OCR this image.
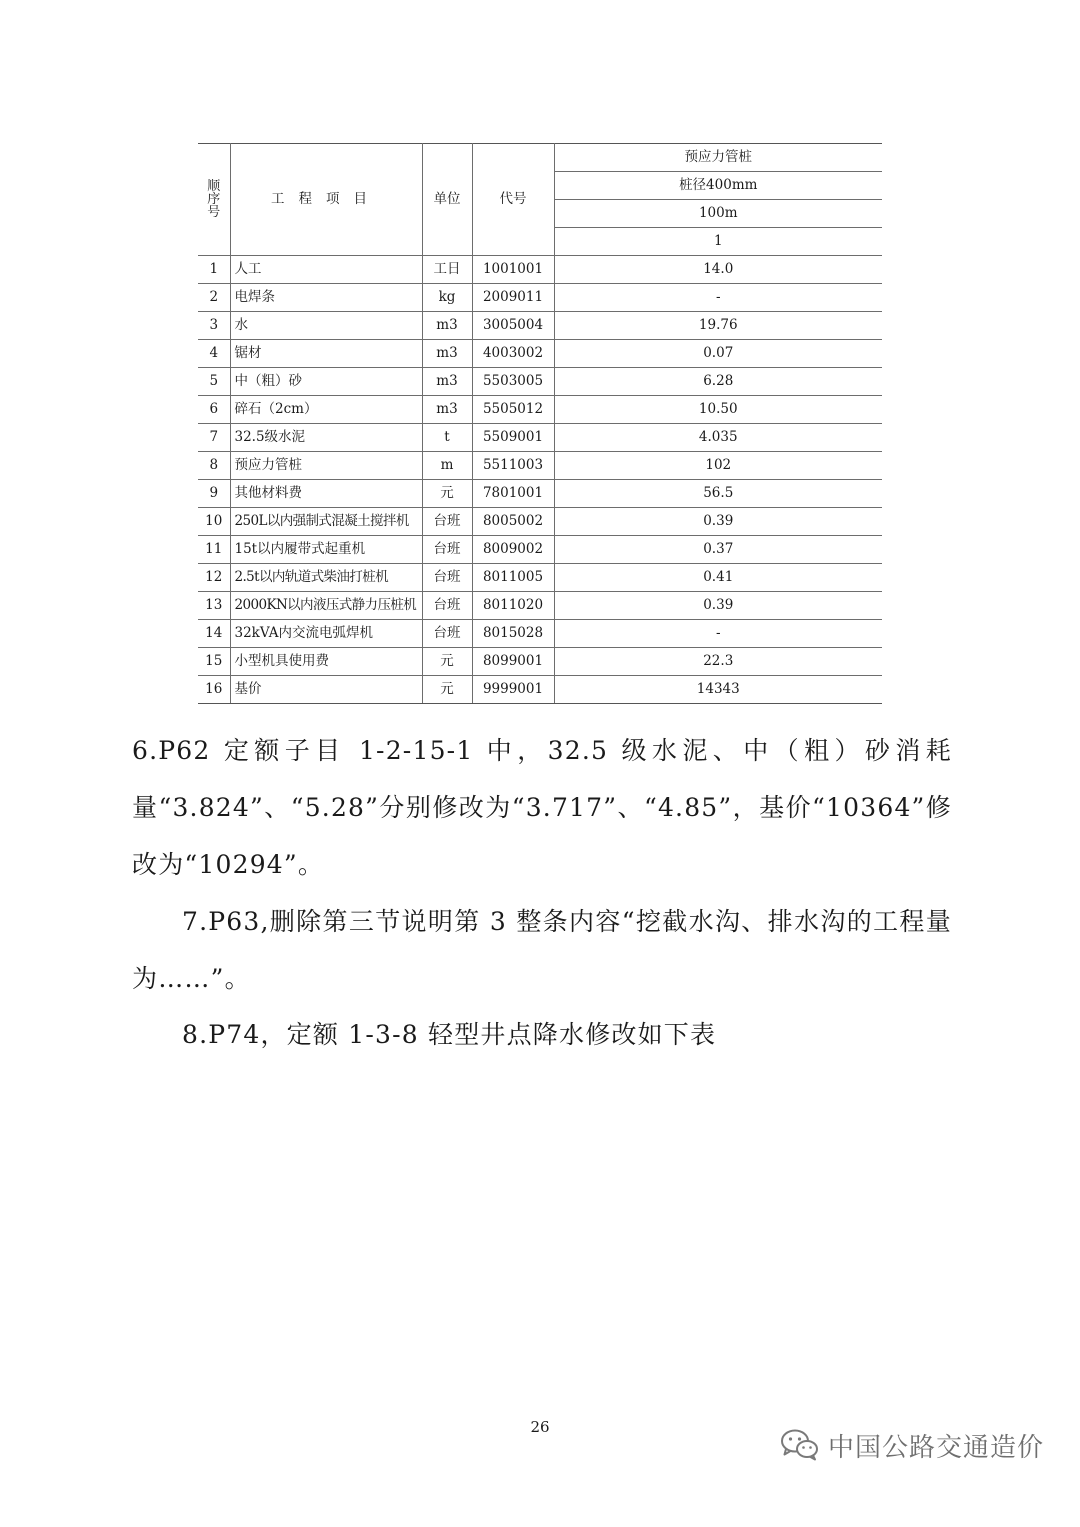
顺
序
号	工程项目	单位	代号	预应力管桩
				桩径400mm
				100m
				1
1	人工	工日	1001001	14.0
2	电焊条	kg	2009011	-
3	水	m3	3005004	19.76
4	锯材	m3	4003002	0.07
5	中（粗）砂	m3	5503005	6.28
6	碎石（2cm）	m3	5505012	10.50
7	32.5级水泥	t	5509001	4.035
8	预应力管桩	m	5511003	102
9	其他材料费	元	7801001	56.5
10	250L以内强制式混凝土搅拌机	台班	8005002	0.39
11	15t以内履带式起重机	台班	8009002	0.37
12	2.5t以内轨道式柴油打桩机	台班	8011005	0.41
13	2000KN以内液压式静力压桩机	台班	8011020	0.39
14	32kVA内交流电弧焊机	台班	8015028	-
15	小型机具使用费	元	8099001	22.3
16	基价	元	9999001	14343

6.P62 定额子目 1-2-15-1 中，32.5 级水泥、中（粗）砂消耗量“3.824”、“5.28”分别修改为“3.717”、“4.85”，基价“10364”修改为“10294”。

7.P63,删除第三节说明第 3 整条内容“挖截水沟、排水沟的工程量为……”。

8.P74，定额 1-3-8 轻型井点降水修改如下表

26
中国公路交通造价
